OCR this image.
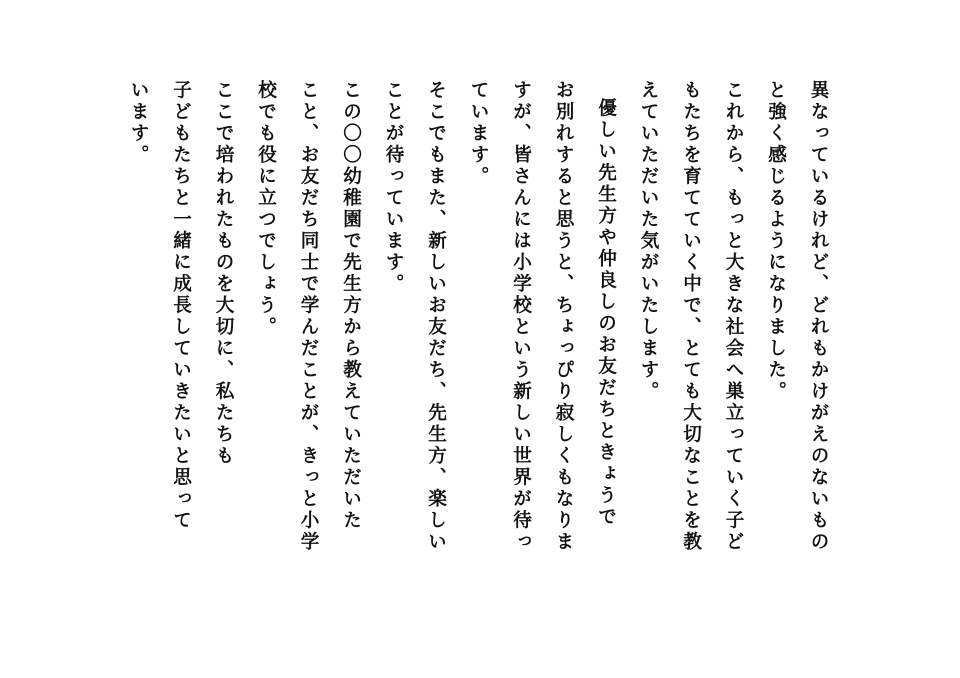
異なっているけれど、どれもかけがえのないもの
と強く感じるようになりました。
これから、もっと大きな社会へ巣立っていく子ど
もたちを育てていく中で、とても大切なことを教
えていただいた気がいたします。
優しい先生方や仲良しのお友だちときょうで
お別れすると思うと、ちょっぴり寂しくもなりま
すが、皆さんには小学校という新しい世界が待っ
ています。
そこでもまた、新しいお友だち、先生方、楽しい
ことが待っています。
この〇〇幼稚園で先生方から教えていただいた
こと、お友だち同士で学んだことが、きっと小学
校でも役に立つでしょう。
ここで培われたものを大切に、私たちも
子どもたちと一緒に成長していきたいと思って
います。
